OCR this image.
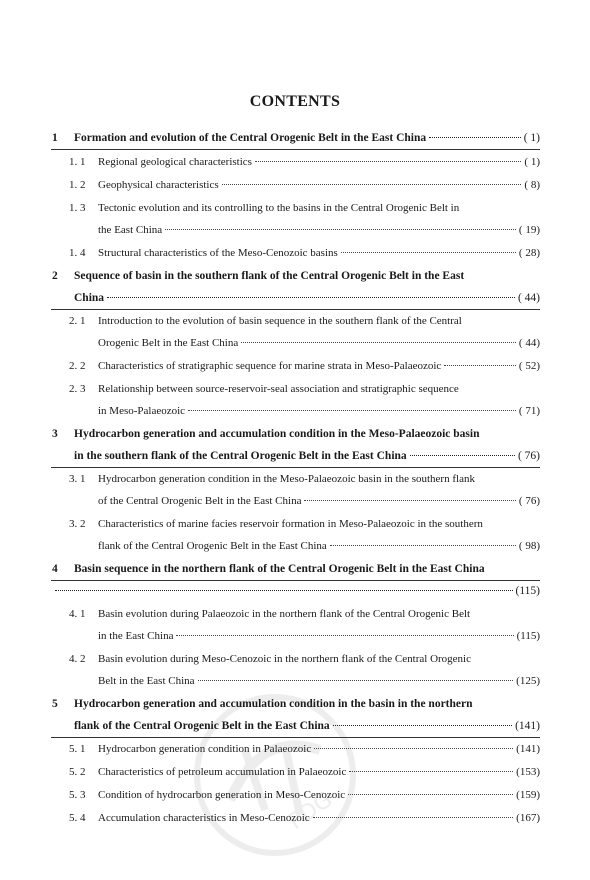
CONTENTS
1	Formation and evolution of the Central Orogenic Belt in the East China	( 1)
1. 1	Regional geological characteristics	( 1)
1. 2	Geophysical characteristics	( 8)
1. 3	Tectonic evolution and its controlling to the basins in the Central Orogenic Belt in
the East China	( 19)
1. 4	Structural characteristics of the Meso-Cenozoic basins	( 28)
2	Sequence of basin in the southern flank of the Central Orogenic Belt in the East
China	( 44)
2. 1	Introduction to the evolution of basin sequence in the southern flank of the Central
Orogenic Belt in the East China	( 44)
2. 2	Characteristics of stratigraphic sequence for marine strata in Meso-Palaeozoic	( 52)
2. 3	Relationship between source-reservoir-seal association and stratigraphic sequence
in Meso-Palaeozoic	( 71)
3	Hydrocarbon generation and accumulation condition in the Meso-Palaeozoic basin
in the southern flank of the Central Orogenic Belt in the East China	( 76)
3. 1	Hydrocarbon generation condition in the Meso-Palaeozoic basin in the southern flank
of the Central Orogenic Belt in the East China	( 76)
3. 2	Characteristics of marine facies reservoir formation in Meso-Palaeozoic in the southern
flank of the Central Orogenic Belt in the East China	( 98)
4	Basin sequence in the northern flank of the Central Orogenic Belt in the East China
(115)
4. 1	Basin evolution during Palaeozoic in the northern flank of the Central Orogenic Belt
in the East China	(115)
4. 2	Basin evolution during Meso-Cenozoic in the northern flank of the Central Orogenic
Belt in the East China	(125)
5	Hydrocarbon generation and accumulation condition in the basin in the northern
flank of the Central Orogenic Belt in the East China	(141)
5. 1	Hydrocarbon generation condition in Palaeozoic	(141)
5. 2	Characteristics of petroleum accumulation in Palaeozoic	(153)
5. 3	Condition of hydrocarbon generation in Meso-Cenozoic	(159)
5. 4	Accumulation characteristics in Meso-Cenozoic	(167)
PDG
